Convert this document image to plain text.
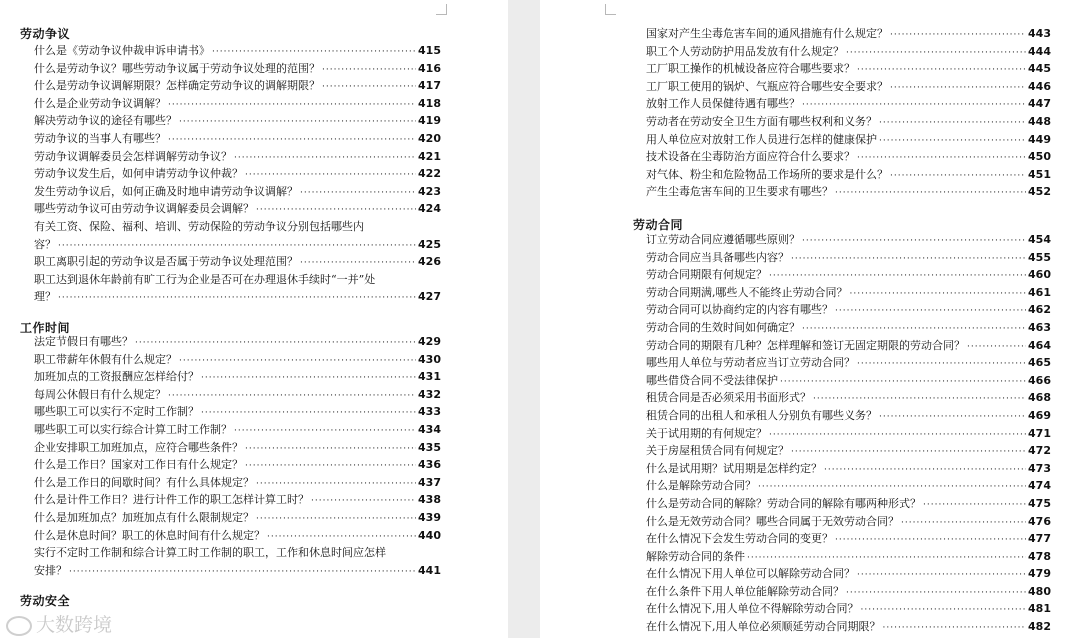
劳动争议
什么是《劳动争议仲裁申诉申请书》 ·····	415
什么是劳动争议？哪些劳动争议属于劳动争议处理的范围？ ·····	416
什么是劳动争议调解期限？怎样确定劳动争议的调解期限？ ·····	417
什么是企业劳动争议调解？ ·····	418
解决劳动争议的途径有哪些？ ·····	419
劳动争议的当事人有哪些？ ·····	420
劳动争议调解委员会怎样调解劳动争议？ ·····	421
劳动争议发生后，如何申请劳动争议仲裁？ ·····	422
发生劳动争议后，如何正确及时地申请劳动争议调解？ ·····	423
哪些劳动争议可由劳动争议调解委员会调解？ ·····	424
有关工资、保险、福利、培训、劳动保险的劳动争议分别包括哪些内
容？ ·····	425
职工离职引起的劳动争议是否属于劳动争议处理范围？ ·····	426
职工达到退休年龄前有旷工行为企业是否可在办理退休手续时“一并”处
理？ ·····	427
工作时间
法定节假日有哪些？ ·····	429
职工带薪年休假有什么规定？ ·····	430
加班加点的工资报酬应怎样给付？ ·····	431
每周公休假日有什么规定？ ·····	432
哪些职工可以实行不定时工作制？ ·····	433
哪些职工可以实行综合计算工时工作制？ ·····	434
企业安排职工加班加点，应符合哪些条件？ ·····	435
什么是工作日？国家对工作日有什么规定？ ·····	436
什么是工作日的间歇时间？有什么具体规定？ ·····	437
什么是计件工作日？进行计件工作的职工怎样计算工时？ ·····	438
什么是加班加点？加班加点有什么限制规定？ ·····	439
什么是休息时间？职工的休息时间有什么规定？ ·····	440
实行不定时工作制和综合计算工时工作制的职工，工作和休息时间应怎样
安排？ ·····	441
劳动安全
大数跨境
国家对产生尘毒危害车间的通风措施有什么规定？ ·····	443
职工个人劳动防护用品发放有什么规定？ ·····	444
工厂职工操作的机械设备应符合哪些要求？ ·····	445
工厂职工使用的锅炉、气瓶应符合哪些安全要求？ ·····	446
放射工作人员保健待遇有哪些？ ·····	447
劳动者在劳动安全卫生方面有哪些权利和义务？ ·····	448
用人单位应对放射工作人员进行怎样的健康保护 ·····	449
技术设备在尘毒防治方面应符合什么要求？ ·····	450
对气体、粉尘和危险物品工作场所的要求是什么？ ·····	451
产生尘毒危害车间的卫生要求有哪些？ ·····	452
劳动合同
订立劳动合同应遵循哪些原则？ ·····	454
劳动合同应当具备哪些内容？ ·····	455
劳动合同期限有何规定？ ·····	460
劳动合同期满,哪些人不能终止劳动合同？ ·····	461
劳动合同可以协商约定的内容有哪些？ ·····	462
劳动合同的生效时间如何确定？ ·····	463
劳动合同的期限有几种？怎样理解和签订无固定期限的劳动合同？ ·····	464
哪些用人单位与劳动者应当订立劳动合同？ ·····	465
哪些借贷合同不受法律保护 ·····	466
租赁合同是否必须采用书面形式？ ·····	468
租赁合同的出租人和承租人分别负有哪些义务？ ·····	469
关于试用期的有何规定？ ·····	471
关于房屋租赁合同有何规定？ ·····	472
什么是试用期？试用期是怎样约定？ ·····	473
什么是解除劳动合同？ ·····	474
什么是劳动合同的解除？劳动合同的解除有哪两种形式？ ·····	475
什么是无效劳动合同？哪些合同属于无效劳动合同？ ·····	476
在什么情况下会发生劳动合同的变更？ ·····	477
解除劳动合同的条件 ·····	478
在什么情况下用人单位可以解除劳动合同？ ·····	479
在什么条件下用人单位能解除劳动合同？ ·····	480
在什么情况下,用人单位不得解除劳动合同？ ·····	481
在什么情况下,用人单位必须顺延劳动合同期限？ ·····	482
